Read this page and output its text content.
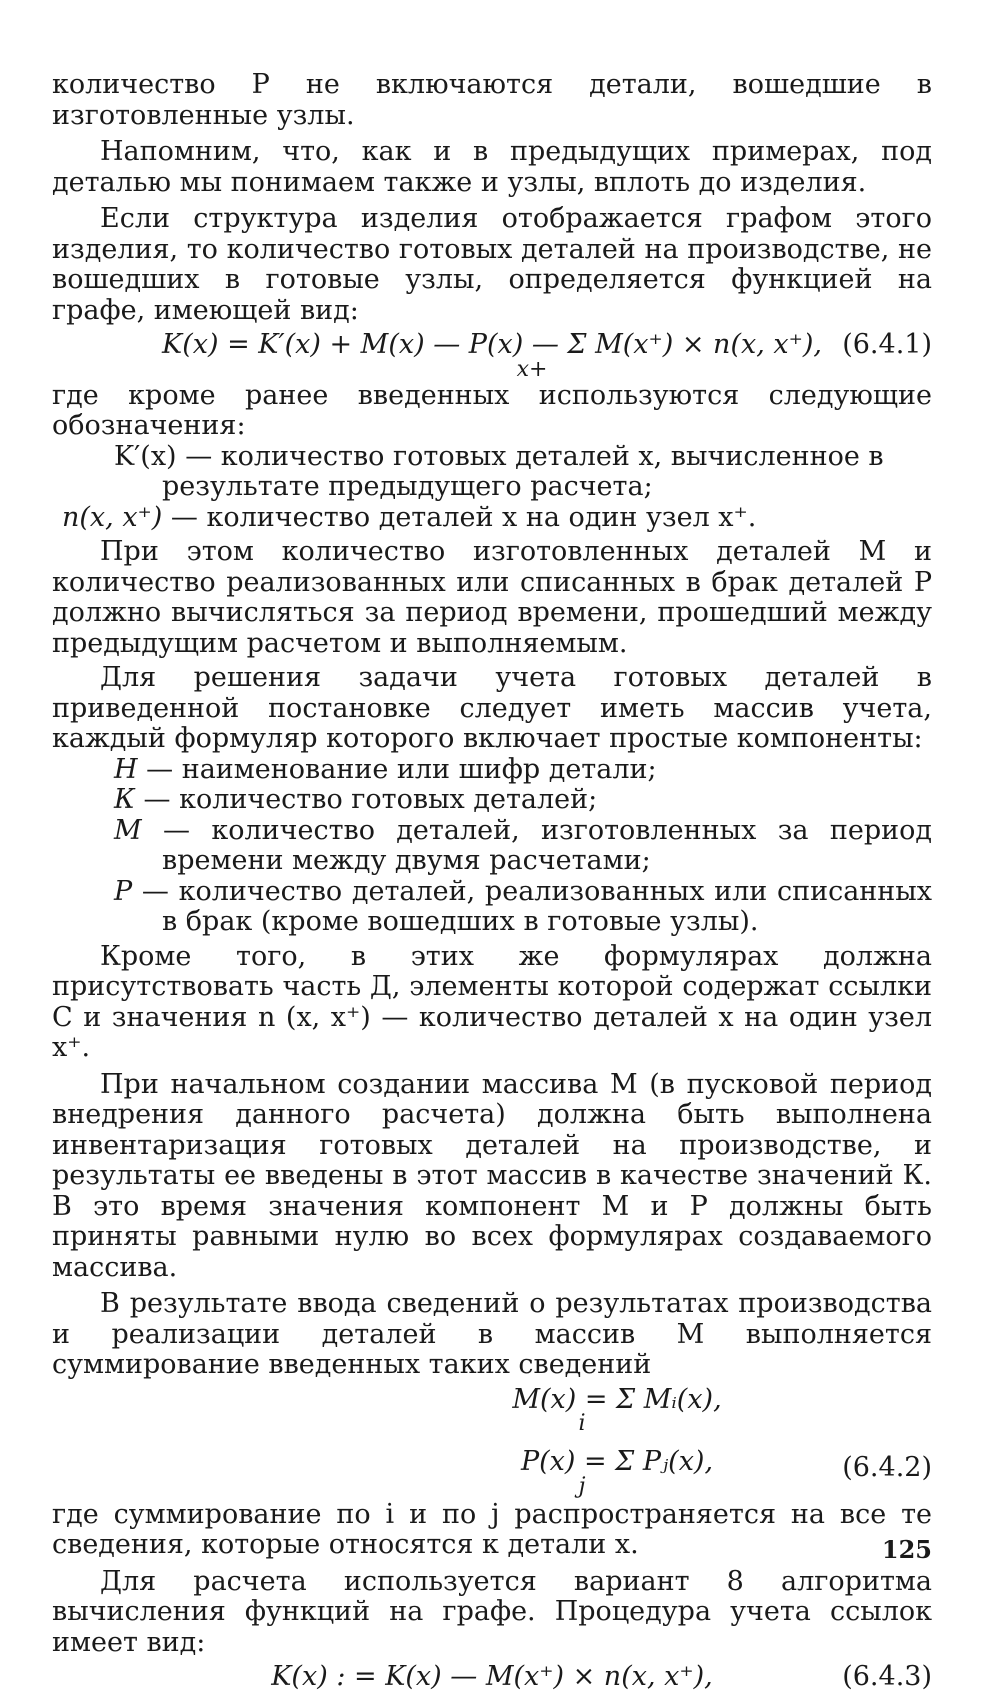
количество Р не включаются детали, вошедшие в изготовленные узлы.

Напомним, что, как и в предыдущих примерах, под деталью мы понимаем также и узлы, вплоть до изделия.

Если структура изделия отображается графом этого изделия, то количество готовых деталей на производстве, не вошедших в готовые узлы, определяется функцией на графе, имеющей вид:

K(x) = K′(x) + M(x) — P(x) — Σ M(x⁺) × n(x, x⁺), (6.4.1)
x+

где кроме ранее введенных используются следующие обозначения:

K′(x) — количество готовых деталей x, вычисленное в результате предыдущего расчета;

n(x, x⁺) — количество деталей x на один узел x⁺.

При этом количество изготовленных деталей М и количество реализованных или списанных в брак деталей Р должно вычисляться за период времени, прошедший между предыдущим расчетом и выполняемым.

Для решения задачи учета готовых деталей в приведенной постановке следует иметь массив учета, каждый формуляр которого включает простые компоненты:

Н — наименование или шифр детали;

К — количество готовых деталей;

М — количество деталей, изготовленных за период времени между двумя расчетами;

Р — количество деталей, реализованных или списанных в брак (кроме вошедших в готовые узлы).

Кроме того, в этих же формулярах должна присутствовать часть Д, элементы которой содержат ссылки С и значения n (x, x⁺) — количество деталей x на один узел x⁺.

При начальном создании массива М (в пусковой период внедрения данного расчета) должна быть выполнена инвентаризация готовых деталей на производстве, и результаты ее введены в этот массив в качестве значений К. В это время значения компонент М и Р должны быть приняты равными нулю во всех формулярах создаваемого массива.

В результате ввода сведений о результатах производства и реализации деталей в массив М выполняется суммирование введенных таких сведений

M(x) = Σ Mᵢ(x),
i
P(x) = Σ Pⱼ(x),
j
(6.4.2)

где суммирование по i и по j распространяется на все те сведения, которые относятся к детали x.

Для расчета используется вариант 8 алгоритма вычисления функций на графе. Процедура учета ссылок имеет вид:

K(x) : = K(x) — M(x⁺) × n(x, x⁺),	(6.4.3)
125
